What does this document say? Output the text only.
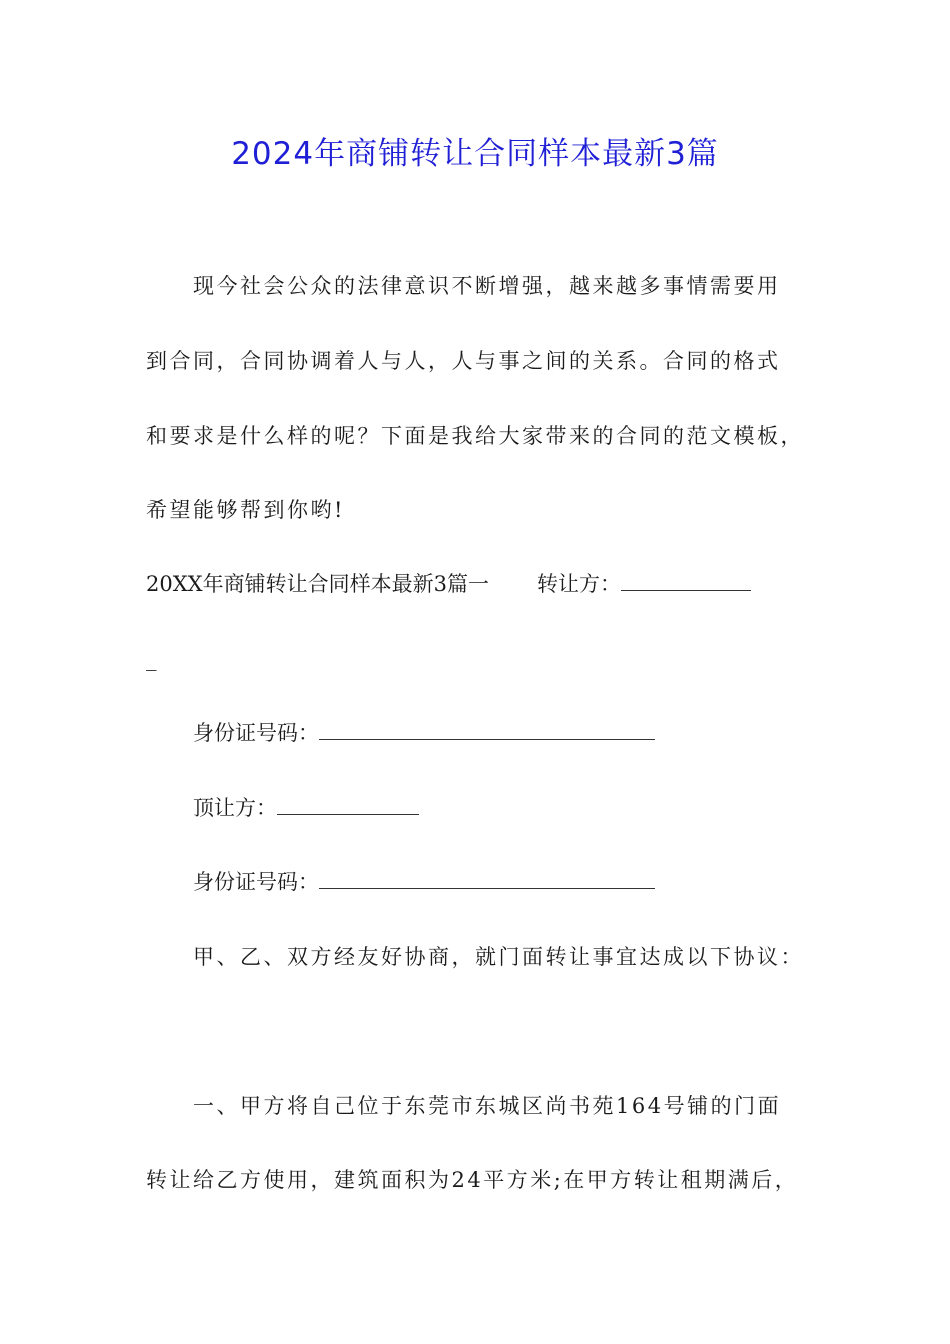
2024年商铺转让合同样本最新3篇

现今社会公众的法律意识不断增强，越来越多事情需要用

到合同，合同协调着人与人，人与事之间的关系。合同的格式

和要求是什么样的呢？下面是我给大家带来的合同的范文模板，

希望能够帮到你哟!

20XX年商铺转让合同样本最新3篇一 转让方：

_

身份证号码：

顶让方：

身份证号码：

甲、乙、双方经友好协商，就门面转让事宜达成以下协议：

一、甲方将自己位于东莞市东城区尚书苑164号铺的门面

转让给乙方使用，建筑面积为24平方米;在甲方转让租期满后，
